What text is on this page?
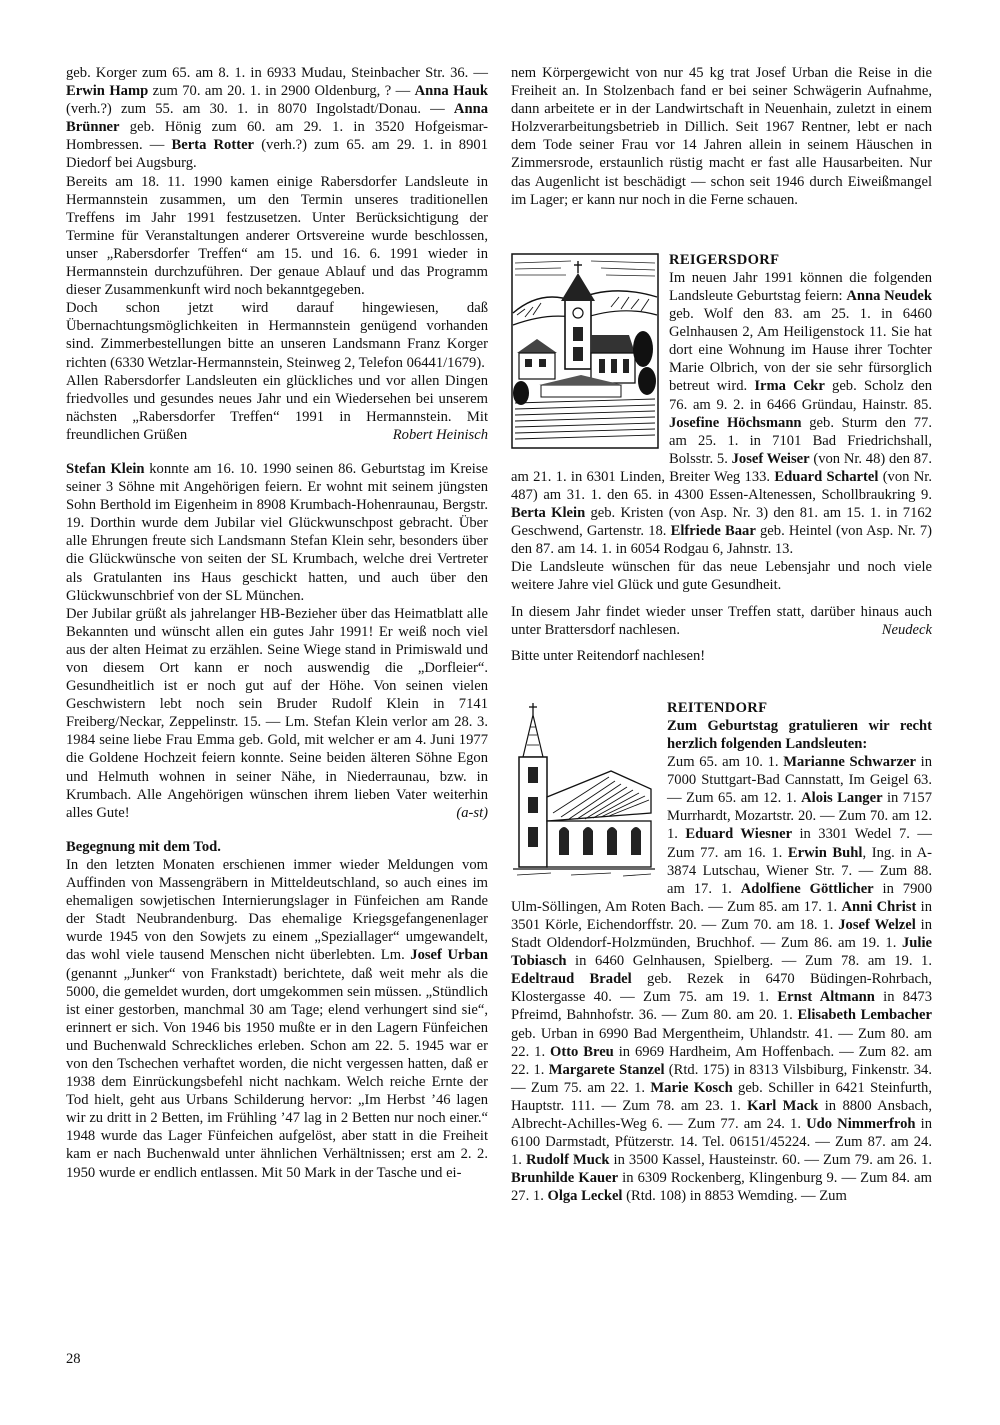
geb. Korger zum 65. am 8. 1. in 6933 Mudau, Steinbacher Str. 36. — Erwin Hamp zum 70. am 20. 1. in 2900 Oldenburg, ? — Anna Hauk (verh.?) zum 55. am 30. 1. in 8070 Ingolstadt/Donau. — Anna Brünner geb. Hönig zum 60. am 29. 1. in 3520 Hofgeismar-Hombressen. — Berta Rotter (verh.?) zum 65. am 29. 1. in 8901 Diedorf bei Augsburg.

Bereits am 18. 11. 1990 kamen einige Rabersdorfer Landsleute in Hermannstein zusammen, um den Termin unseres traditionellen Treffens im Jahr 1991 festzusetzen. Unter Berücksichtigung der Termine für Veranstaltungen anderer Ortsvereine wurde beschlossen, unser „Rabersdorfer Treffen“ am 15. und 16. 6. 1991 wieder in Hermannstein durchzuführen. Der genaue Ablauf und das Programm dieser Zusammenkunft wird noch bekanntgegeben.

Doch schon jetzt wird darauf hingewiesen, daß Übernachtungsmöglichkeiten in Hermannstein genügend vorhanden sind. Zimmerbestellungen bitte an unseren Landsmann Franz Korger richten (6330 Wetzlar-Hermannstein, Steinweg 2, Telefon 06441/1679).

Allen Rabersdorfer Landsleuten ein glückliches und vor allen Dingen friedvolles und gesundes neues Jahr und ein Wiedersehen bei unserem nächsten „Rabersdorfer Treffen“ 1991 in Hermannstein. Mit freundlichen Grüßen	Robert Heinisch

Stefan Klein konnte am 16. 10. 1990 seinen 86. Geburtstag im Kreise seiner 3 Söhne mit Angehörigen feiern. Er wohnt mit seinem jüngsten Sohn Berthold im Eigenheim in 8908 Krumbach-Hohenraunau, Bergstr. 19. Dorthin wurde dem Jubilar viel Glückwunschpost gebracht. Über alle Ehrungen freute sich Landsmann Stefan Klein sehr, besonders über die Glückwünsche von seiten der SL Krumbach, welche drei Vertreter als Gratulanten ins Haus geschickt hatten, und auch über den Glückwunschbrief von der SL München.

Der Jubilar grüßt als jahrelanger HB-Bezieher über das Heimatblatt alle Bekannten und wünscht allen ein gutes Jahr 1991! Er weiß noch viel aus der alten Heimat zu erzählen. Seine Wiege stand in Primiswald und von diesem Ort kann er noch auswendig die „Dorfleier“. Gesundheitlich ist er noch gut auf der Höhe. Von seinen vielen Geschwistern lebt noch sein Bruder Rudolf Klein in 7141 Freiberg/Neckar, Zeppelinstr. 15. — Lm. Stefan Klein verlor am 28. 3. 1984 seine liebe Frau Emma geb. Gold, mit welcher er am 4. Juni 1977 die Goldene Hochzeit feiern konnte. Seine beiden älteren Söhne Egon und Helmuth wohnen in seiner Nähe, in Niederraunau, bzw. in Krumbach. Alle Angehörigen wünschen ihrem lieben Vater weiterhin alles Gute!	(a-st)

Begegnung mit dem Tod.

In den letzten Monaten erschienen immer wieder Meldungen vom Auffinden von Massengräbern in Mitteldeutschland, so auch eines im ehemaligen sowjetischen Internierungslager in Fünfeichen am Rande der Stadt Neubrandenburg. Das ehemalige Kriegsgefangenenlager wurde 1945 von den Sowjets zu einem „Speziallager“ umgewandelt, das wohl viele tausend Menschen nicht überlebten. Lm. Josef Urban (genannt „Junker“ von Frankstadt) berichtete, daß weit mehr als die 5000, die gemeldet wurden, dort umgekommen sein müssen. „Stündlich ist einer gestorben, manchmal 30 am Tage; elend verhungert sind sie“, erinnert er sich. Von 1946 bis 1950 mußte er in den Lagern Fünfeichen und Buchenwald Schreckliches erleben. Schon am 22. 5. 1945 war er von den Tschechen verhaftet worden, die nicht vergessen hatten, daß er 1938 dem Einrückungsbefehl nicht nachkam. Welch reiche Ernte der Tod hielt, geht aus Urbans Schilderung hervor: „Im Herbst ’46 lagen wir zu dritt in 2 Betten, im Frühling ’47 lag in 2 Betten nur noch einer.“ 1948 wurde das Lager Fünfeichen aufgelöst, aber statt in die Freiheit kam er nach Buchenwald unter ähnlichen Verhältnissen; erst am 2. 2. 1950 wurde er endlich entlassen. Mit 50 Mark in der Tasche und ei-

nem Körpergewicht von nur 45 kg trat Josef Urban die Reise in die Freiheit an. In Stolzenbach fand er bei seiner Schwägerin Aufnahme, dann arbeitete er in der Landwirtschaft in Neuenhain, zuletzt in einem Holzverarbeitungsbetrieb in Dillich. Seit 1967 Rentner, lebt er nach dem Tode seiner Frau vor 14 Jahren allein in seinem Häuschen in Zimmersrode, erstaunlich rüstig macht er fast alle Hausarbeiten. Nur das Augenlicht ist beschädigt — schon seit 1946 durch Eiweißmangel im Lager; er kann nur noch in die Ferne schauen.

REIGERSDORF

Im neuen Jahr 1991 können die folgenden Landsleute Geburtstag feiern: Anna Neudek geb. Wolf den 83. am 25. 1. in 6460 Gelnhausen 2, Am Heiligenstock 11. Sie hat dort eine Wohnung im Hause ihrer Tochter Marie Olbrich, von der sie sehr fürsorglich betreut wird. Irma Cekr geb. Scholz den 76. am 9. 2. in 6466 Gründau, Hainstr. 85. Josefine Höchsmann geb. Sturm den 77. am 25. 1. in 7101 Bad Friedrichshall, Bolsstr. 5. Josef Weiser (von Nr. 48) den 87. am 21. 1. in 6301 Linden, Breiter Weg 133. Eduard Schartel (von Nr. 487) am 31. 1. den 65. in 4300 Essen-Altenessen, Schollbraukring 9. Berta Klein geb. Kristen (von Asp. Nr. 3) den 81. am 15. 1. in 7162 Geschwend, Gartenstr. 18. Elfriede Baar geb. Heintel (von Asp. Nr. 7) den 87. am 14. 1. in 6054 Rodgau 6, Jahnstr. 13.

Die Landsleute wünschen für das neue Lebensjahr und noch viele weitere Jahre viel Glück und gute Gesundheit.

In diesem Jahr findet wieder unser Treffen statt, darüber hinaus auch unter Brattersdorf nachlesen.	Neudeck

Bitte unter Reitendorf nachlesen!

REITENDORF

Zum Geburtstag gratulieren wir recht herzlich folgenden Landsleuten:

Zum 65. am 10. 1. Marianne Schwarzer in 7000 Stuttgart-Bad Cannstatt, Im Geigel 63. — Zum 65. am 12. 1. Alois Langer in 7157 Murrhardt, Mozartstr. 20. — Zum 70. am 12. 1. Eduard Wiesner in 3301 Wedel 7. — Zum 77. am 16. 1. Erwin Buhl, Ing. in A-3874 Lutschau, Wiener Str. 7. — Zum 88. am 17. 1. Adolfiene Göttlicher in 7900 Ulm-Söllingen, Am Roten Bach. — Zum 85. am 17. 1. Anni Christ in 3501 Körle, Eichendorffstr. 20. — Zum 70. am 18. 1. Josef Welzel in Stadt Oldendorf-Holzmünden, Bruchhof. — Zum 86. am 19. 1. Julie Tobiasch in 6460 Gelnhausen, Spielberg. — Zum 78. am 19. 1. Edeltraud Bradel geb. Rezek in 6470 Büdingen-Rohrbach, Klostergasse 40. — Zum 75. am 19. 1. Ernst Altmann in 8473 Pfreimd, Bahnhofstr. 36. — Zum 80. am 20. 1. Elisabeth Lembacher geb. Urban in 6990 Bad Mergentheim, Uhlandstr. 41. — Zum 80. am 22. 1. Otto Breu in 6969 Hardheim, Am Hoffenbach. — Zum 82. am 22. 1. Margarete Stanzel (Rtd. 175) in 8313 Vilsbiburg, Finkenstr. 34. — Zum 75. am 22. 1. Marie Kosch geb. Schiller in 6421 Steinfurth, Hauptstr. 111. — Zum 78. am 23. 1. Karl Mack in 8800 Ansbach, Albrecht-Achilles-Weg 6. — Zum 77. am 24. 1. Udo Nimmerfroh in 6100 Darmstadt, Pfützerstr. 14. Tel. 06151/45224. — Zum 87. am 24. 1. Rudolf Muck in 3500 Kassel, Hausteinstr. 60. — Zum 79. am 26. 1. Brunhilde Kauer in 6309 Rockenberg, Klingenburg 9. — Zum 84. am 27. 1. Olga Leckel (Rtd. 108) in 8853 Wemding. — Zum

28
